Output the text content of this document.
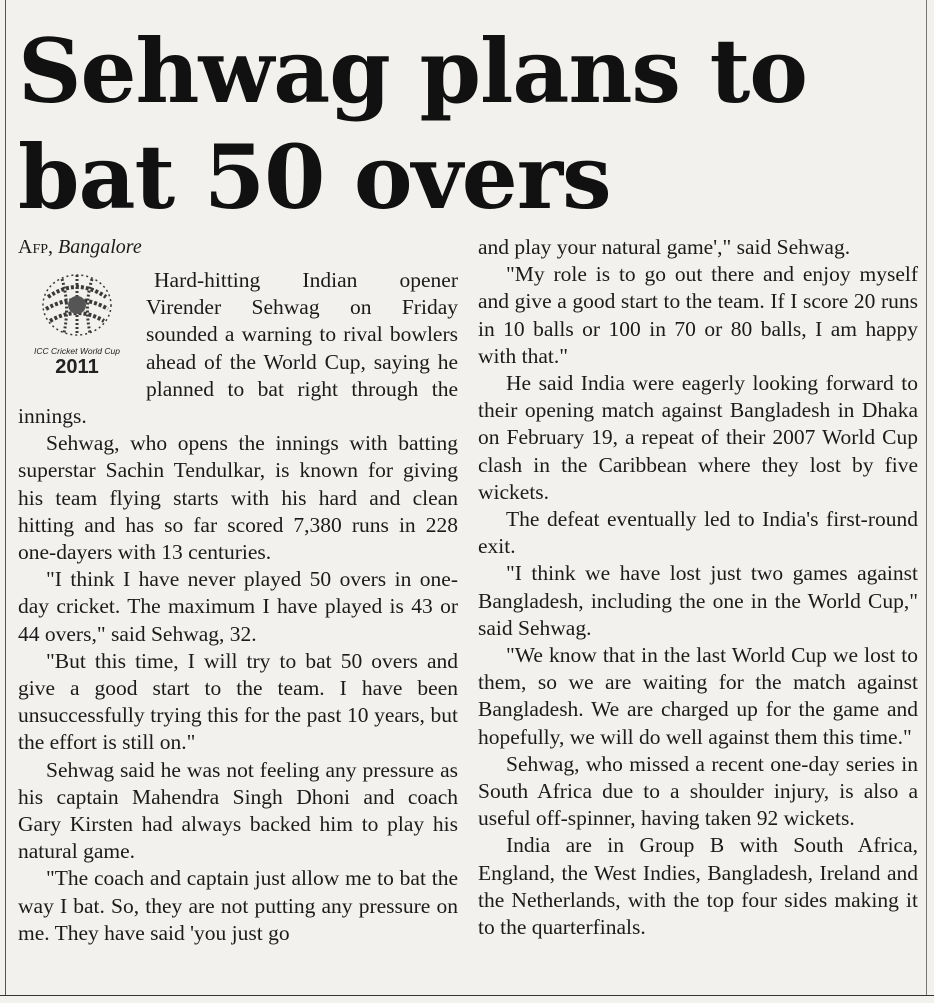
Sehwag plans to
bat 50 overs
Afp, Bangalore
ICC Cricket World Cup
2011

Hard-hitting Indian opener Virender Sehwag on Friday sounded a warning to rival bowlers ahead of the World Cup, saying he planned to bat right through the innings.

Sehwag, who opens the innings with batting superstar Sachin Tendulkar, is known for giving his team flying starts with his hard and clean hitting and has so far scored 7,380 runs in 228 one-dayers with 13 centuries.

"I think I have never played 50 overs in one-day cricket. The maximum I have played is 43 or 44 overs," said Sehwag, 32.

"But this time, I will try to bat 50 overs and give a good start to the team. I have been unsuccessfully trying this for the past 10 years, but the effort is still on."

Sehwag said he was not feeling any pressure as his captain Mahendra Singh Dhoni and coach Gary Kirsten had always backed him to play his natural game.

"The coach and captain just allow me to bat the way I bat. So, they are not putting any pressure on me. They have said 'you just go

and play your natural game'," said Sehwag.

"My role is to go out there and enjoy myself and give a good start to the team. If I score 20 runs in 10 balls or 100 in 70 or 80 balls, I am happy with that."

He said India were eagerly looking forward to their opening match against Bangladesh in Dhaka on February 19, a repeat of their 2007 World Cup clash in the Caribbean where they lost by five wickets.

The defeat eventually led to India's first-round exit.

"I think we have lost just two games against Bangladesh, including the one in the World Cup," said Sehwag.

"We know that in the last World Cup we lost to them, so we are waiting for the match against Bangladesh. We are charged up for the game and hopefully, we will do well against them this time."

Sehwag, who missed a recent one-day series in South Africa due to a shoulder injury, is also a useful off-spinner, having taken 92 wickets.

India are in Group B with South Africa, England, the West Indies, Bangladesh, Ireland and the Netherlands, with the top four sides making it to the quarterfinals.
